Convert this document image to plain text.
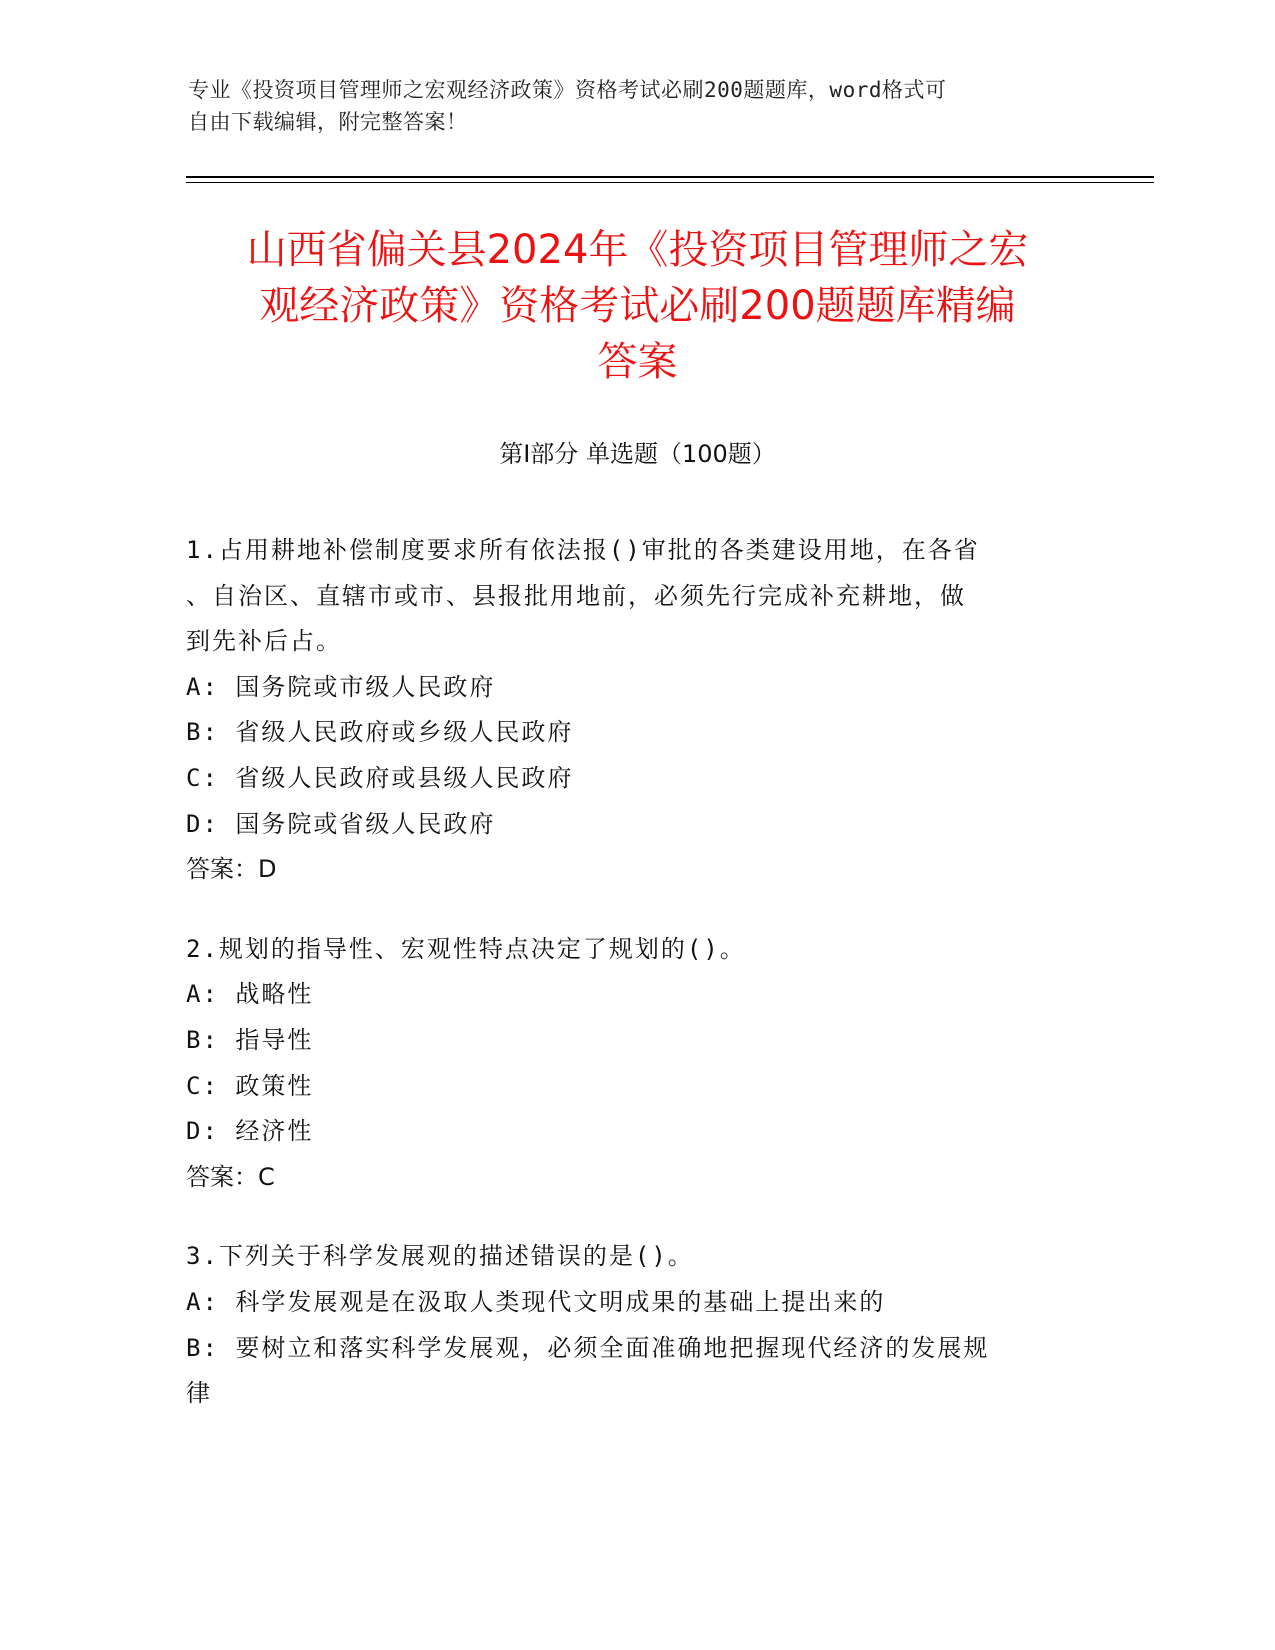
专业《投资项目管理师之宏观经济政策》资格考试必刷200题题库，word格式可
自由下载编辑，附完整答案！
山西省偏关县2024年《投资项目管理师之宏
观经济政策》资格考试必刷200题题库精编
答案
第Ⅰ部分 单选题（100题）
1.占用耕地补偿制度要求所有依法报()审批的各类建设用地，在各省
、自治区、直辖市或市、县报批用地前，必须先行完成补充耕地，做
到先补后占。
A: 国务院或市级人民政府
B: 省级人民政府或乡级人民政府
C: 省级人民政府或县级人民政府
D: 国务院或省级人民政府
答案：D
2.规划的指导性、宏观性特点决定了规划的()。
A: 战略性
B: 指导性
C: 政策性
D: 经济性
答案：C
3.下列关于科学发展观的描述错误的是()。
A: 科学发展观是在汲取人类现代文明成果的基础上提出来的
B: 要树立和落实科学发展观，必须全面准确地把握现代经济的发展规
律
